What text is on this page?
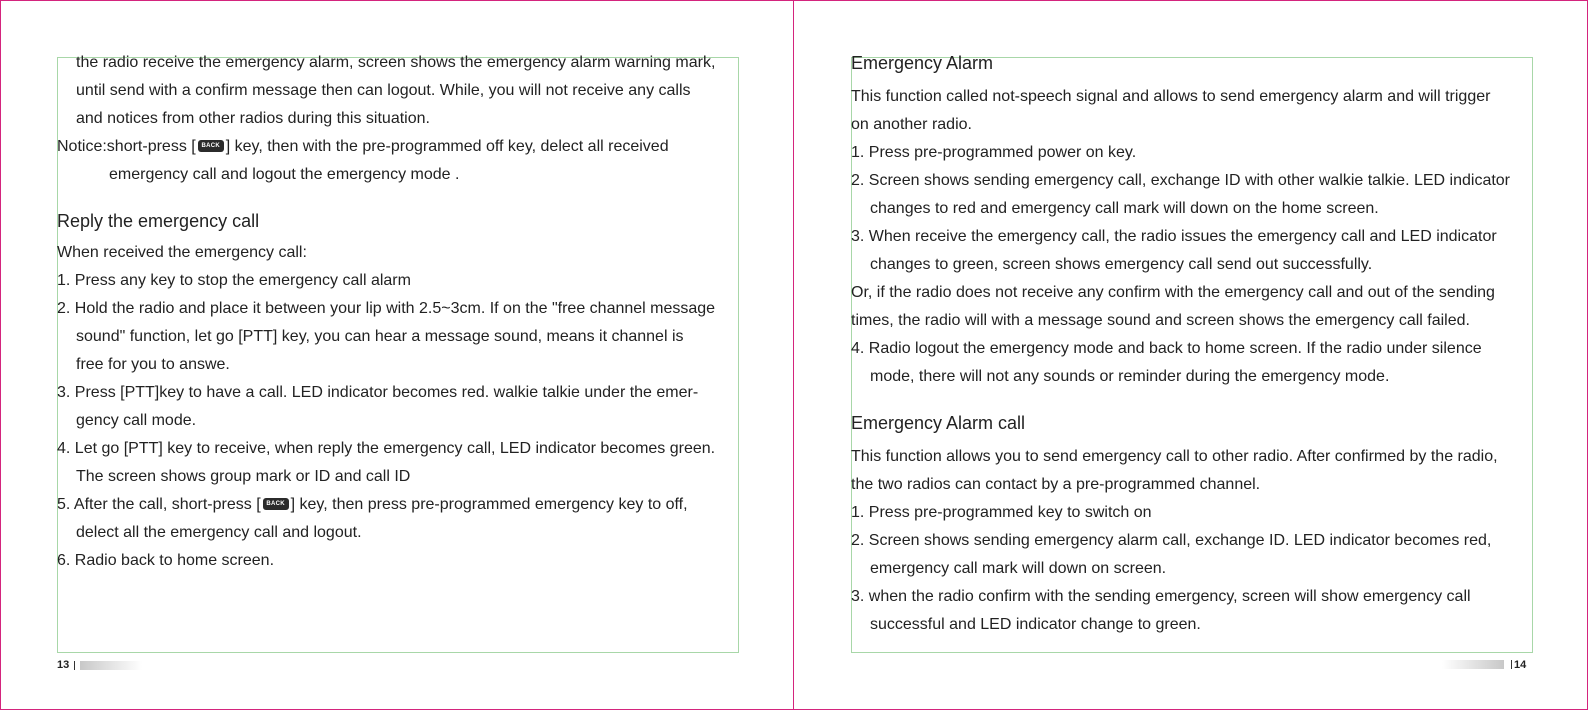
the radio receive the emergency alarm, screen shows the emergency alarm warning mark,
until send with a confirm message then can logout. While, you will not receive any calls
and notices from other radios during this situation.
Notice:short-press [ BACK ] key, then with the pre-programmed off key, delect all received
emergency call and logout the emergency mode .
Reply the emergency call
When received the emergency call:
1. Press any key to stop the emergency call alarm
2. Hold the radio and place it between your lip with 2.5~3cm. If on the "free channel message
sound" function, let go [PTT] key, you can hear a message sound, means it channel is
free for you to answe.
3. Press [PTT]key to have a call. LED indicator becomes red. walkie talkie under the emer-
gency call mode.
4. Let go [PTT] key to receive, when reply the emergency call, LED indicator becomes green.
The screen shows group mark or ID and call ID
5. After the call, short-press [ BACK ] key, then press pre-programmed emergency key to off,
delect all the emergency call and logout.
6. Radio back to home screen.
Emergency Alarm
This function called not-speech signal and allows to send emergency alarm and will trigger
on another radio.
1. Press pre-programmed power on key.
2. Screen shows sending emergency call, exchange ID with other walkie talkie. LED indicator
changes to red and emergency call mark will down on the home screen.
3. When receive the emergency call, the radio issues the emergency call and LED indicator
changes to green, screen shows emergency call send out successfully.
Or, if the radio does not receive any confirm with the emergency call and out of the sending
times, the radio will with a message sound and screen shows the emergency call failed.
4. Radio logout the emergency mode and back to home screen. If the radio under silence
mode, there will not any sounds or reminder during the emergency mode.
Emergency Alarm call
This function allows you to send emergency call to other radio. After confirmed by the radio,
the two radios can contact by a pre-programmed channel.
1. Press pre-programmed key to switch on
2. Screen shows sending emergency alarm call, exchange ID. LED indicator becomes red,
emergency call mark will down on screen.
3. when the radio confirm with the sending emergency, screen will show emergency call
successful and LED indicator change to green.
13	14
